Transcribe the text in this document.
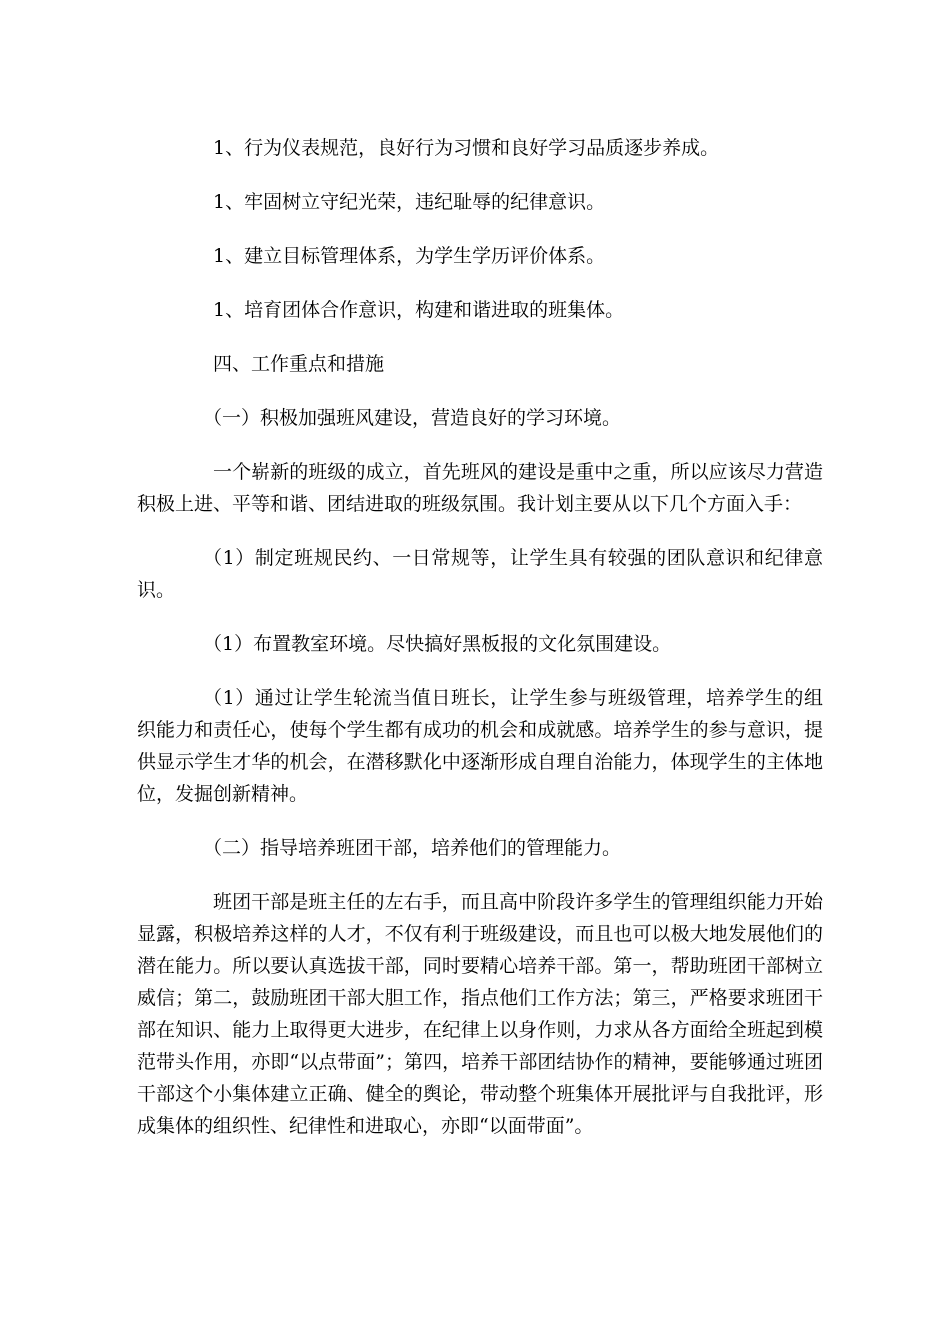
1、行为仪表规范，良好行为习惯和良好学习品质逐步养成。

1、牢固树立守纪光荣，违纪耻辱的纪律意识。

1、建立目标管理体系，为学生学历评价体系。

1、培育团体合作意识，构建和谐进取的班集体。

四、工作重点和措施

（一）积极加强班风建设，营造良好的学习环境。

一个崭新的班级的成立，首先班风的建设是重中之重，所以应该尽力营造积极上进、平等和谐、团结进取的班级氛围。我计划主要从以下几个方面入手：

（1）制定班规民约、一日常规等，让学生具有较强的团队意识和纪律意识。

（1）布置教室环境。尽快搞好黑板报的文化氛围建设。

（1）通过让学生轮流当值日班长，让学生参与班级管理，培养学生的组织能力和责任心，使每个学生都有成功的机会和成就感。培养学生的参与意识，提供显示学生才华的机会，在潜移默化中逐渐形成自理自治能力，体现学生的主体地位，发掘创新精神。

（二）指导培养班团干部，培养他们的管理能力。

班团干部是班主任的左右手，而且高中阶段许多学生的管理组织能力开始显露，积极培养这样的人才，不仅有利于班级建设，而且也可以极大地发展他们的潜在能力。所以要认真选拔干部，同时要精心培养干部。第一，帮助班团干部树立威信；第二，鼓励班团干部大胆工作，指点他们工作方法；第三，严格要求班团干部在知识、能力上取得更大进步，在纪律上以身作则，力求从各方面给全班起到模范带头作用，亦即“以点带面”；第四，培养干部团结协作的精神，要能够通过班团干部这个小集体建立正确、健全的舆论，带动整个班集体开展批评与自我批评，形成集体的组织性、纪律性和进取心，亦即“以面带面”。
